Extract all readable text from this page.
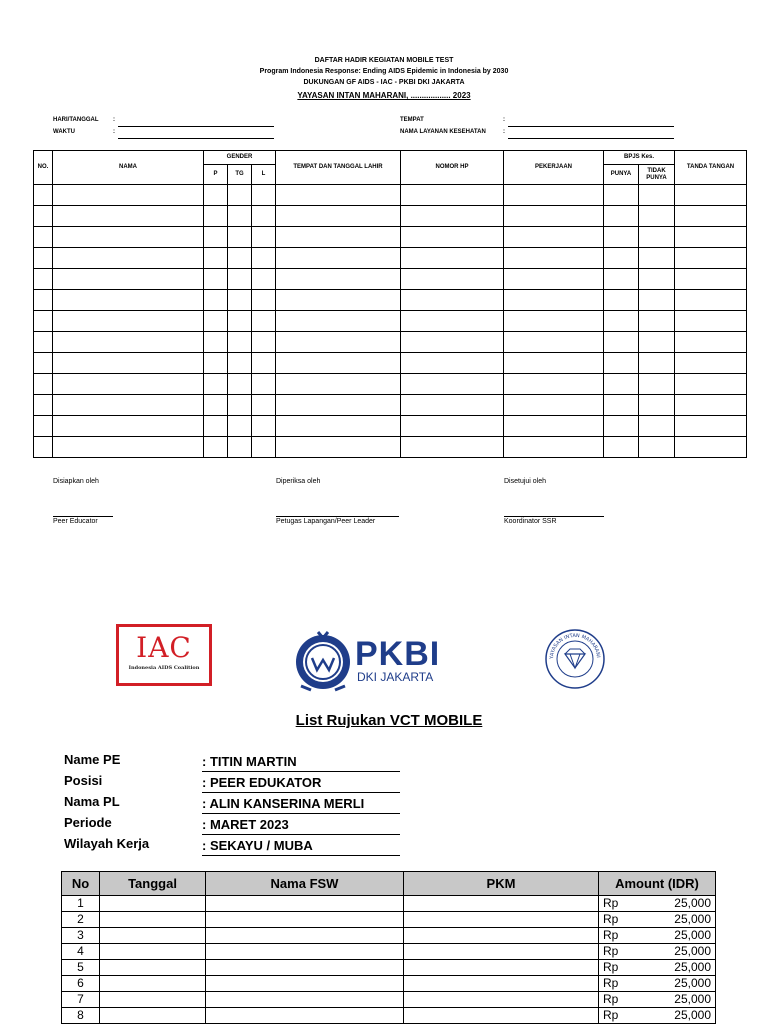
DAFTAR HADIR KEGIATAN MOBILE TEST
Program Indonesia Response: Ending AIDS Epidemic in Indonesia by 2030
DUKUNGAN GF AIDS - IAC - PKBI DKI JAKARTA
YAYASAN INTAN MAHARANI, .................. 2023
HARI/TANGGAL :
WAKTU	:
TEMPAT	:
NAMA LAYANAN KESEHATAN	:
NO.	NAMA	GENDER			TEMPAT DAN TANGGAL LAHIR	NOMOR HP	PEKERJAAN	BPJS Kes.		TANDA TANGAN
		P	TG	L				PUNYA	TIDAK PUNYA	

Disiapkan oleh	Diperiksa oleh	Disetujui oleh
Peer Educator	Petugas Lapangan/Peer Leader	Koordinator SSR
IAC
Indonesia AIDS Coalition	PKBI
DKI JAKARTA
YAYASAN INTAN MAHARANI
List Rujukan VCT MOBILE
Name PE	: TITIN MARTIN
Posisi	: PEER EDUKATOR
Nama PL	: ALIN KANSERINA MERLI
Periode	: MARET 2023
Wilayah Kerja	: SEKAYU / MUBA
No	Tanggal	Nama FSW	PKM	Amount (IDR)
1				Rp 25,000
2				Rp 25,000
3				Rp 25,000
4				Rp 25,000
5				Rp 25,000
6				Rp 25,000
7				Rp 25,000
8				Rp 25,000
